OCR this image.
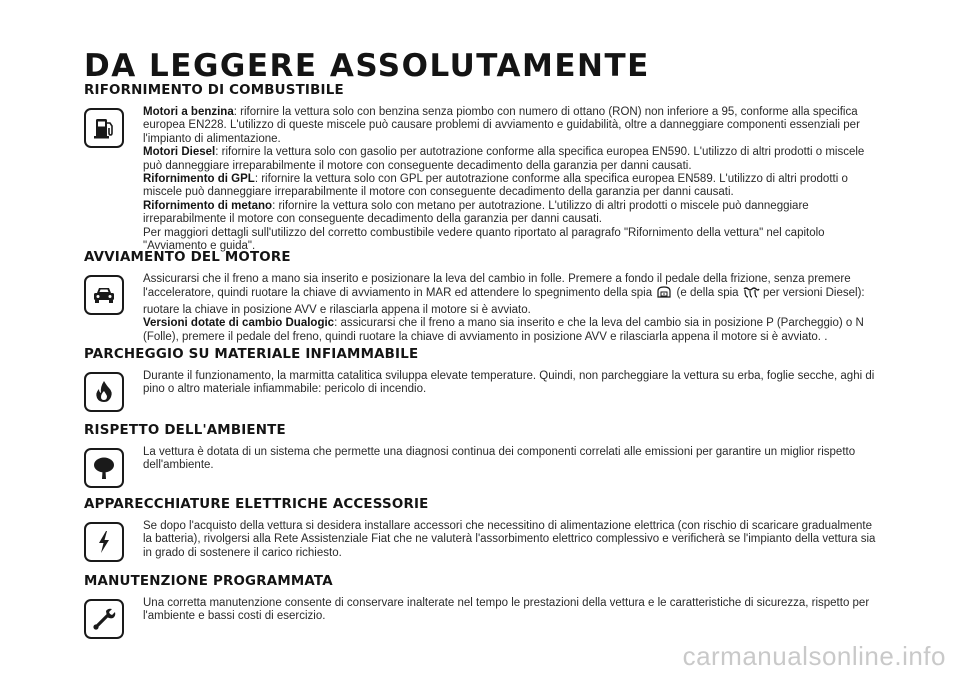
DA LEGGERE ASSOLUTAMENTE
RIFORNIMENTO DI COMBUSTIBILE

Motori a benzina: rifornire la vettura solo con benzina senza piombo con numero di ottano (RON) non inferiore a 95, conforme alla specifica europea EN228. L'utilizzo di queste miscele può causare problemi di avviamento e guidabilità, oltre a danneggiare componenti essenziali per l'impianto di alimentazione.

Motori Diesel: rifornire la vettura solo con gasolio per autotrazione conforme alla specifica europea EN590. L'utilizzo di altri prodotti o miscele può danneggiare irreparabilmente il motore con conseguente decadimento della garanzia per danni causati.

Rifornimento di GPL: rifornire la vettura solo con GPL per autotrazione conforme alla specifica europea EN589. L'utilizzo di altri prodotti o miscele può danneggiare irreparabilmente il motore con conseguente decadimento della garanzia per danni causati.

Rifornimento di metano: rifornire la vettura solo con metano per autotrazione. L'utilizzo di altri prodotti o miscele può danneggiare irreparabilmente il motore con conseguente decadimento della garanzia per danni causati.

Per maggiori dettagli sull'utilizzo del corretto combustibile vedere quanto riportato al paragrafo "Rifornimento della vettura" nel capitolo "Avviamento e guida".

AVVIAMENTO DEL MOTORE

Assicurarsi che il freno a mano sia inserito e posizionare la leva del cambio in folle. Premere a fondo il pedale della frizione, senza premere l'acceleratore, quindi ruotare la chiave di avviamento in MAR ed attendere lo spegnimento della spia (e della spia per versioni Diesel): ruotare la chiave in posizione AVV e rilasciarla appena il motore si è avviato.

Versioni dotate di cambio Dualogic: assicurarsi che il freno a mano sia inserito e che la leva del cambio sia in posizione P (Parcheggio) o N (Folle), premere il pedale del freno, quindi ruotare la chiave di avviamento in posizione AVV e rilasciarla appena il motore si è avviato. .

PARCHEGGIO SU MATERIALE INFIAMMABILE

Durante il funzionamento, la marmitta catalitica sviluppa elevate temperature. Quindi, non parcheggiare la vettura su erba, foglie secche, aghi di pino o altro materiale infiammabile: pericolo di incendio.

RISPETTO DELL'AMBIENTE

La vettura è dotata di un sistema che permette una diagnosi continua dei componenti correlati alle emissioni per garantire un miglior rispetto dell'ambiente.

APPARECCHIATURE ELETTRICHE ACCESSORIE

Se dopo l'acquisto della vettura si desidera installare accessori che necessitino di alimentazione elettrica (con rischio di scaricare gradualmente la batteria), rivolgersi alla Rete Assistenziale Fiat che ne valuterà l'assorbimento elettrico complessivo e verificherà se l'impianto della vettura sia in grado di sostenere il carico richiesto.

MANUTENZIONE PROGRAMMATA

Una corretta manutenzione consente di conservare inalterate nel tempo le prestazioni della vettura e le caratteristiche di sicurezza, rispetto per l'ambiente e bassi costi di esercizio.

carmanualsonline.info
